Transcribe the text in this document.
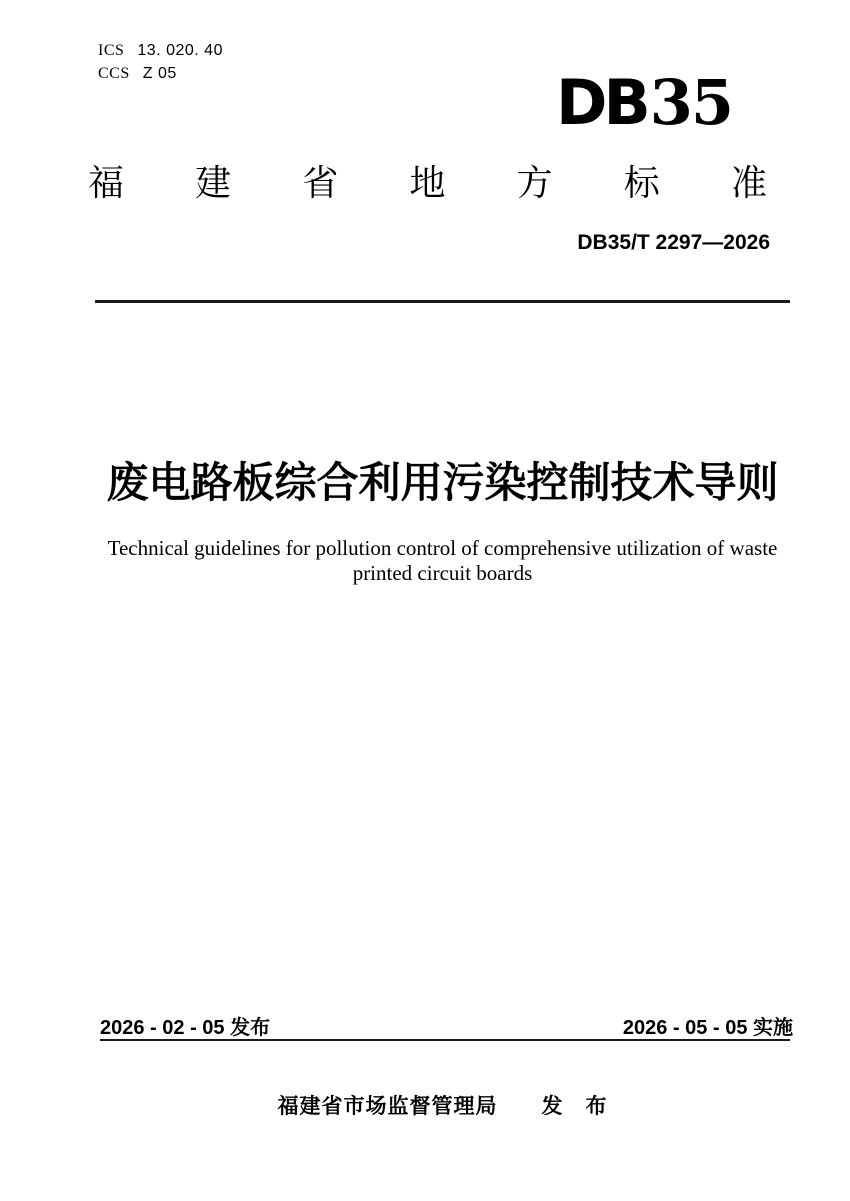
ICS 13. 020. 40
CCS Z 05	DB35
福 建 省 地 方 标 准
DB35/T 2297—2026
废电路板综合利用污染控制技术导则
Technical guidelines for pollution control of comprehensive utilization of waste
printed circuit boards
2026 - 02 - 05 发布	2026 - 05 - 05 实施
福建省市场监督管理局　　发　布
